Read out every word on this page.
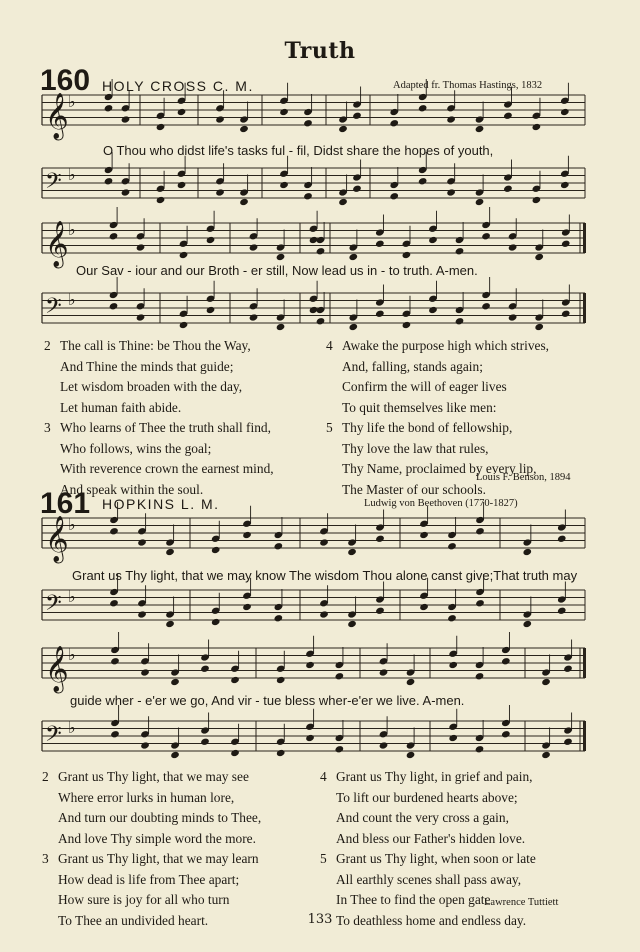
Truth
160 HOLY CROSS C. M.	Adapted fr. Thomas Hastings, 1832
𝄞 ♭
O Thou who didst life's tasks ful - fil, Didst share the hopes of youth,
𝄢 ♭
𝄞 ♭
Our Sav - iour and our Broth - er still, Now lead us in - to truth. A-men.
𝄢 ♭
2 The call is Thine: be Thou the Way,
And Thine the minds that guide;
Let wisdom broaden with the day,
Let human faith abide.
3 Who learns of Thee the truth shall find,
Who follows, wins the goal;
With reverence crown the earnest mind,
And speak within the soul.
4 Awake the purpose high which strives,
And, falling, stands again;
Confirm the will of eager lives
To quit themselves like men:
5 Thy life the bond of fellowship,
Thy love the law that rules,
Thy Name, proclaimed by every lip,
The Master of our schools.
Louis F. Benson, 1894
161 HOPKINS L. M.	Ludwig von Beethoven (1770-1827)
𝄞 ♭
Grant us Thy light, that we may know The wisdom Thou alone canst give;That truth may
𝄢 ♭
𝄞 ♭
guide wher - e'er we go, And vir - tue bless wher-e'er we live. A-men.
𝄢 ♭
2 Grant us Thy light, that we may see
Where error lurks in human lore,
And turn our doubting minds to Thee,
And love Thy simple word the more.
3 Grant us Thy light, that we may learn
How dead is life from Thee apart;
How sure is joy for all who turn
To Thee an undivided heart.
4 Grant us Thy light, in grief and pain,
To lift our burdened hearts above;
And count the very cross a gain,
And bless our Father's hidden love.
5 Grant us Thy light, when soon or late
All earthly scenes shall pass away,
In Thee to find the open gate
To deathless home and endless day.
Lawrence Tuttiett
133
